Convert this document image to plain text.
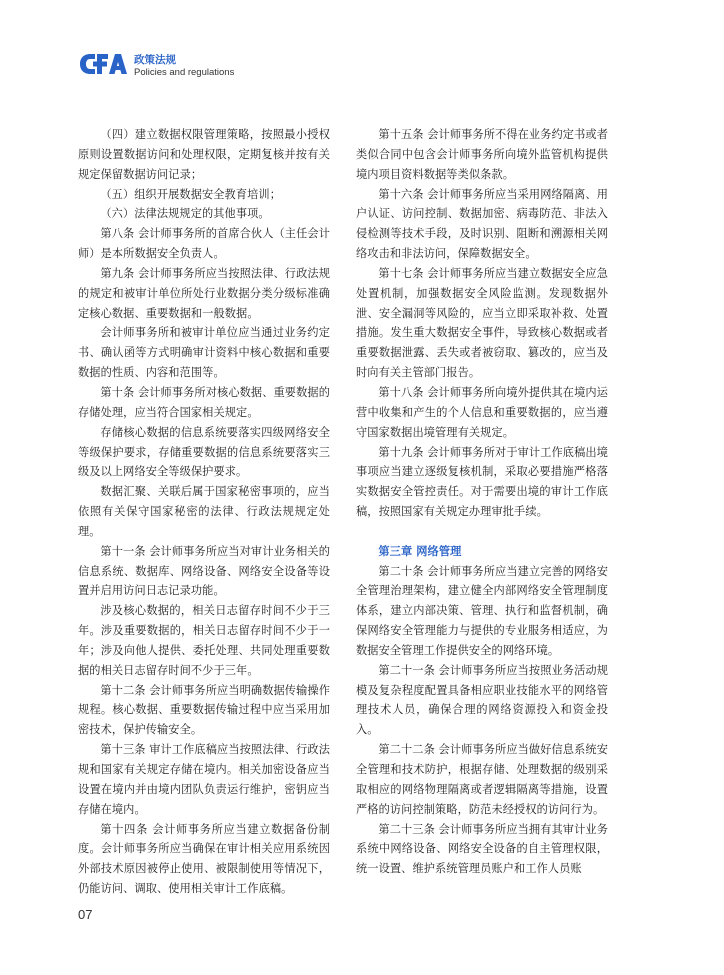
政策法规
Policies and regulations

（四）建立数据权限管理策略，按照最小授权原则设置数据访问和处理权限，定期复核并按有关规定保留数据访问记录；

（五）组织开展数据安全教育培训；

（六）法律法规规定的其他事项。

第八条 会计师事务所的首席合伙人（主任会计师）是本所数据安全负责人。

第九条 会计师事务所应当按照法律、行政法规的规定和被审计单位所处行业数据分类分级标准确定核心数据、重要数据和一般数据。

会计师事务所和被审计单位应当通过业务约定书、确认函等方式明确审计资料中核心数据和重要数据的性质、内容和范围等。

第十条 会计师事务所对核心数据、重要数据的存储处理，应当符合国家相关规定。

存储核心数据的信息系统要落实四级网络安全等级保护要求，存储重要数据的信息系统要落实三级及以上网络安全等级保护要求。

数据汇聚、关联后属于国家秘密事项的，应当依照有关保守国家秘密的法律、行政法规规定处理。

第十一条 会计师事务所应当对审计业务相关的信息系统、数据库、网络设备、网络安全设备等设置并启用访问日志记录功能。

涉及核心数据的，相关日志留存时间不少于三年。涉及重要数据的，相关日志留存时间不少于一年；涉及向他人提供、委托处理、共同处理重要数据的相关日志留存时间不少于三年。

第十二条 会计师事务所应当明确数据传输操作规程。核心数据、重要数据传输过程中应当采用加密技术，保护传输安全。

第十三条 审计工作底稿应当按照法律、行政法规和国家有关规定存储在境内。相关加密设备应当设置在境内并由境内团队负责运行维护，密钥应当存储在境内。

第十四条 会计师事务所应当建立数据备份制度。会计师事务所应当确保在审计相关应用系统因外部技术原因被停止使用、被限制使用等情况下，仍能访问、调取、使用相关审计工作底稿。

第十五条 会计师事务所不得在业务约定书或者类似合同中包含会计师事务所向境外监管机构提供境内项目资料数据等类似条款。

第十六条 会计师事务所应当采用网络隔离、用户认证、访问控制、数据加密、病毒防范、非法入侵检测等技术手段，及时识别、阻断和溯源相关网络攻击和非法访问，保障数据安全。

第十七条 会计师事务所应当建立数据安全应急处置机制，加强数据安全风险监测。发现数据外泄、安全漏洞等风险的，应当立即采取补救、处置措施。发生重大数据安全事件，导致核心数据或者重要数据泄露、丢失或者被窃取、篡改的，应当及时向有关主管部门报告。

第十八条 会计师事务所向境外提供其在境内运营中收集和产生的个人信息和重要数据的，应当遵守国家数据出境管理有关规定。

第十九条 会计师事务所对于审计工作底稿出境事项应当建立逐级复核机制，采取必要措施严格落实数据安全管控责任。对于需要出境的审计工作底稿，按照国家有关规定办理审批手续。

第三章 网络管理

第二十条 会计师事务所应当建立完善的网络安全管理治理架构，建立健全内部网络安全管理制度体系，建立内部决策、管理、执行和监督机制，确保网络安全管理能力与提供的专业服务相适应，为数据安全管理工作提供安全的网络环境。

第二十一条 会计师事务所应当按照业务活动规模及复杂程度配置具备相应职业技能水平的网络管理技术人员，确保合理的网络资源投入和资金投入。

第二十二条 会计师事务所应当做好信息系统安全管理和技术防护，根据存储、处理数据的级别采取相应的网络物理隔离或者逻辑隔离等措施，设置严格的访问控制策略，防范未经授权的访问行为。

第二十三条 会计师事务所应当拥有其审计业务系统中网络设备、网络安全设备的自主管理权限，统一设置、维护系统管理员账户和工作人员账

07
